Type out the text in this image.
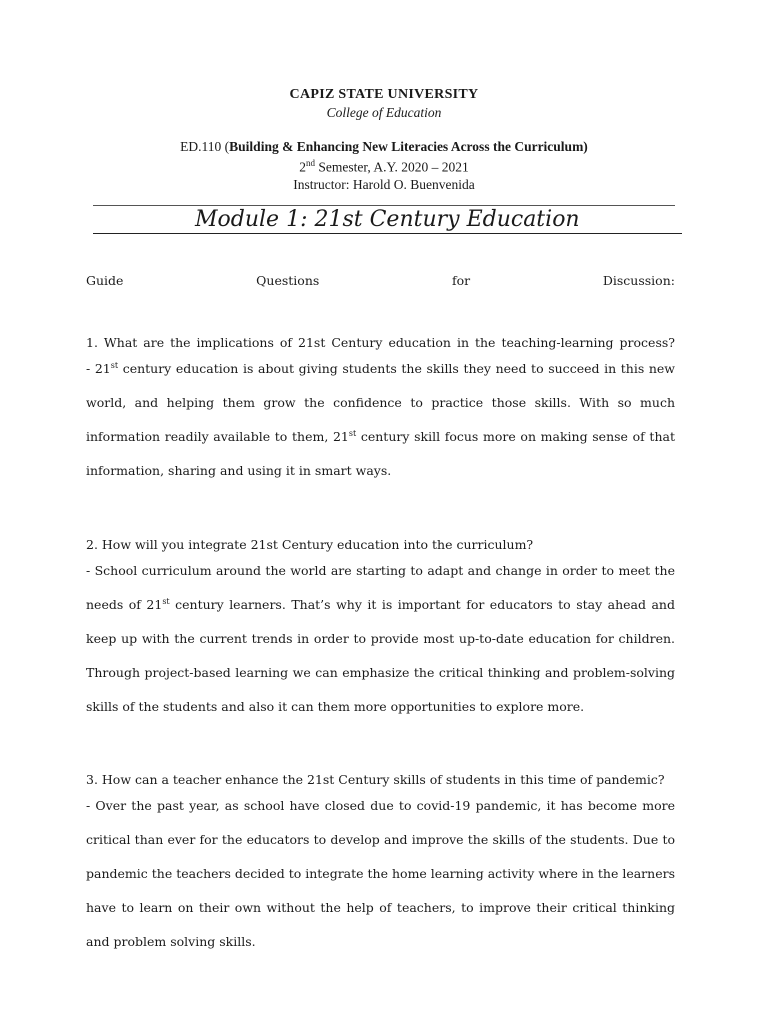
CAPIZ STATE UNIVERSITY
College of Education
ED.110 (Building & Enhancing New Literacies Across the Curriculum)
2nd Semester, A.Y. 2020 – 2021
Instructor: Harold O. Buenvenida
Module 1: 21st Century Education
Guide	Questions	for	Discussion:
1. What are the implications of 21st Century education in the teaching-learning process?
- 21st century education is about giving students the skills they need to succeed in this new world, and helping them grow the confidence to practice those skills. With so much information readily available to them, 21st century skill focus more on making sense of that information, sharing and using it in smart ways.
2. How will you integrate 21st Century education into the curriculum?
- School curriculum around the world are starting to adapt and change in order to meet the needs of 21st century learners. That’s why it is important for educators to stay ahead and keep up with the current trends in order to provide most up-to-date education for children. Through project-based learning we can emphasize the critical thinking and problem-solving skills of the students and also it can them more opportunities to explore more.
3. How can a teacher enhance the 21st Century skills of students in this time of pandemic?
- Over the past year, as school have closed due to covid-19 pandemic, it has become more critical than ever for the educators to develop and improve the skills of the students. Due to pandemic the teachers decided to integrate the home learning activity where in the learners have to learn on their own without the help of teachers, to improve their critical thinking and problem solving skills.
